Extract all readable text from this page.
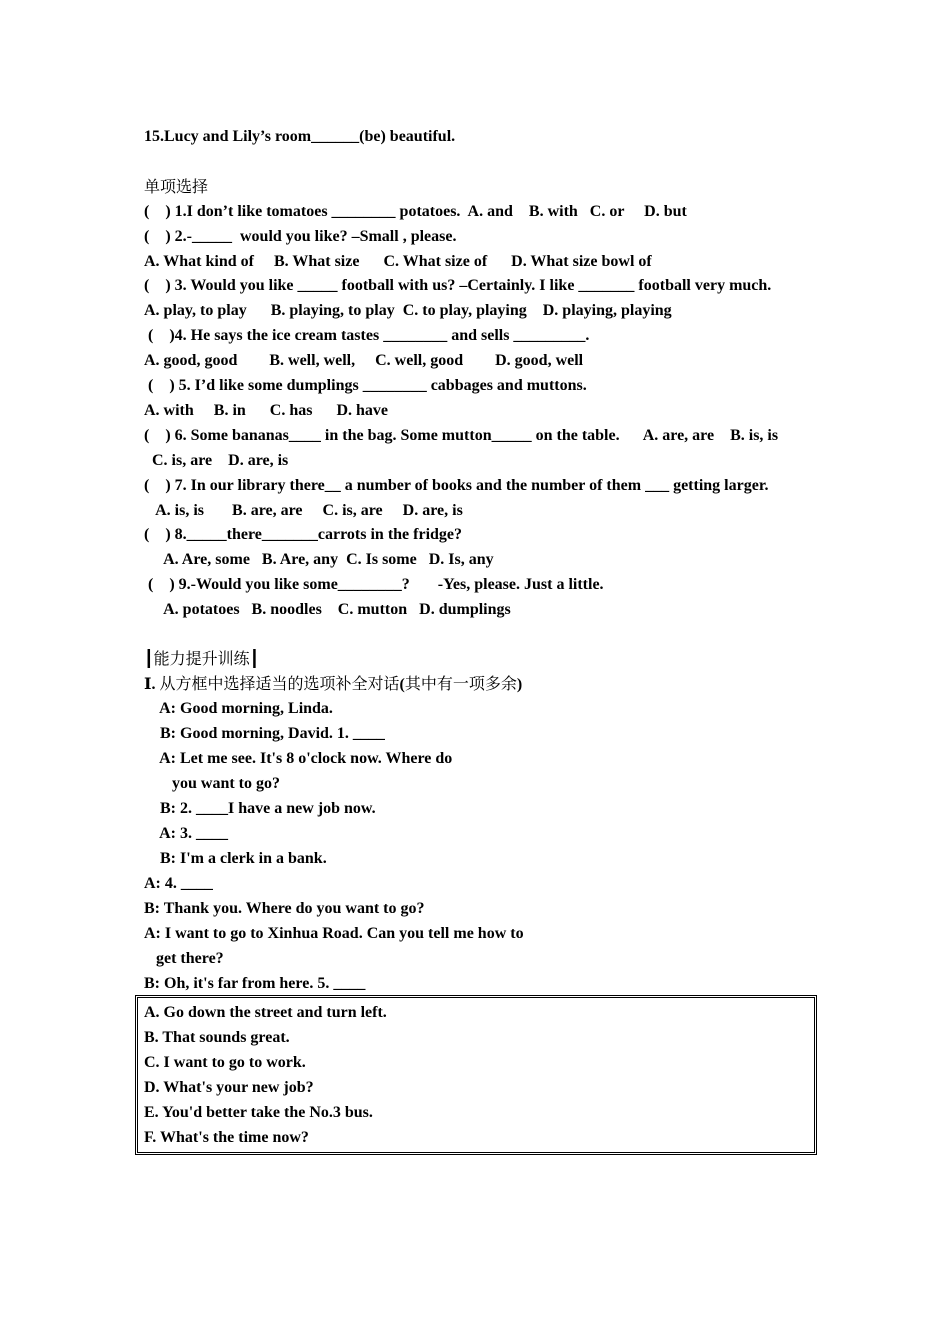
15.Lucy and Lily’s room______(be) beautiful.
单项选择
(    ) 1.I don’t like tomatoes ________ potatoes.  A. and    B. with   C. or     D. but
(    ) 2.-_____  would you like? –Small , please.
A. What kind of     B. What size      C. What size of      D. What size bowl of
(    ) 3. Would you like _____ football with us? –Certainly. I like _______ football very much.
A. play, to play      B. playing, to play  C. to play, playing    D. playing, playing
(    )4. He says the ice cream tastes ________ and sells _________.
A. good, good        B. well, well,     C. well, good        D. good, well
(    ) 5. I’d like some dumplings ________ cabbages and muttons.
A. with     B. in      C. has      D. have
(    ) 6. Some bananas____ in the bag. Some mutton_____ on the table.      A. are, are    B. is, is
C. is, are    D. are, is
(    ) 7. In our library there__ a number of books and the number of them ___ getting larger.
A. is, is       B. are, are     C. is, are     D. are, is
(    ) 8._____there_______carrots in the fridge?
A. Are, some   B. Are, any  C. Is some   D. Is, any
(    ) 9.-Would you like some________?       -Yes, please. Just a little.
A. potatoes   B. noodles    C. mutton   D. dumplings
┃能力提升训练┃
Ⅰ. 从方框中选择适当的选项补全对话(其中有一项多余)
A: Good morning, Linda.
B: Good morning, David. 1. ____
A: Let me see. It's 8 o'clock now. Where do
you want to go?
B: 2. ____I have a new job now.
A: 3. ____
B: I'm a clerk in a bank.
A: 4. ____
B: Thank you. Where do you want to go?
A: I want to go to Xinhua Road. Can you tell me how to
get there?
B: Oh, it's far from here. 5. ____
A. Go down the street and turn left.
B. That sounds great.
C. I want to go to work.
D. What's your new job?
E. You'd better take the No.3 bus.
F. What's the time now?
